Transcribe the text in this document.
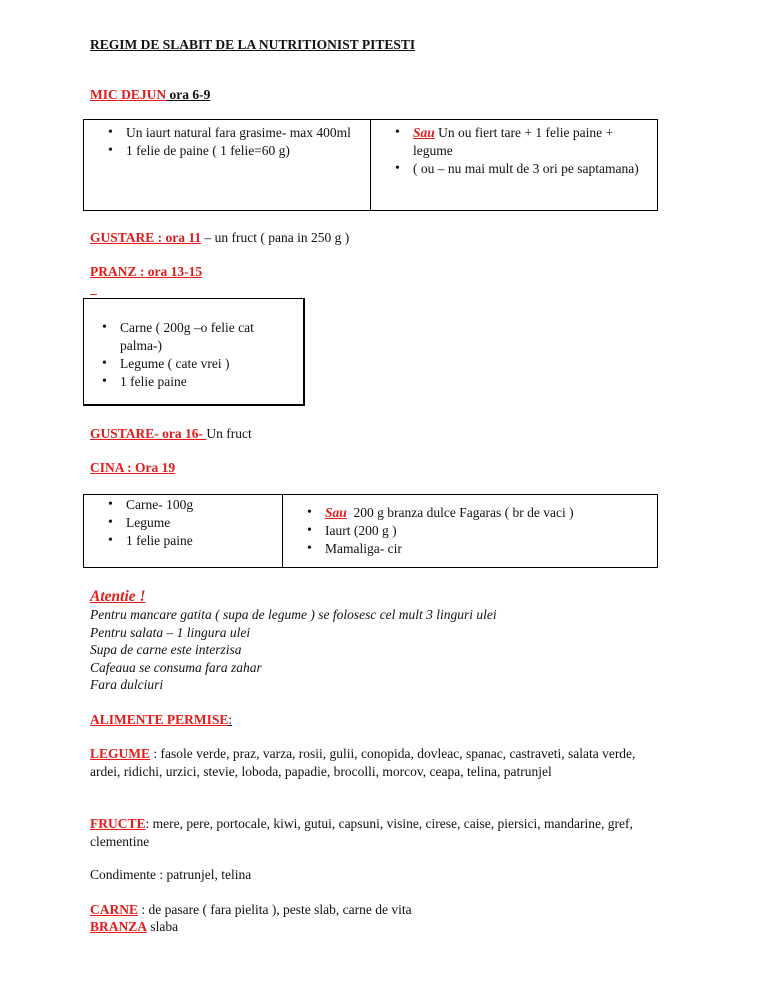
REGIM DE SLABIT DE LA NUTRITIONIST PITESTI
MIC DEJUN ora 6-9
• Un iaurt natural fara grasime- max 400ml
• 1 felie de paine ( 1 felie=60 g)

• Sau Un ou fiert tare + 1 felie paine + legume
• ( ou – nu mai mult de 3 ori pe saptamana)
GUSTARE : ora 11 – un fruct ( pana in 250 g )
PRANZ : ora 13-15
_
• Carne ( 200g –o felie cat palma-)
• Legume ( cate vrei )
• 1 felie paine
GUSTARE- ora 16- Un fruct
CINA : Ora 19
• Carne- 100g
• Legume
• 1 felie paine

• Sau 200 g branza dulce Fagaras ( br de vaci )
• Iaurt (200 g )
• Mamaliga- cir
Atentie !
Pentru mancare gatita ( supa de legume ) se folosesc cel mult 3 linguri ulei
Pentru salata – 1 lingura ulei
Supa de carne este interzisa
Cafeaua se consuma fara zahar
Fara dulciuri
ALIMENTE PERMISE:
LEGUME : fasole verde, praz, varza, rosii, gulii, conopida, dovleac, spanac, castraveti, salata verde, ardei, ridichi, urzici, stevie, loboda, papadie, brocolli, morcov, ceapa, telina, patrunjel
FRUCTE: mere, pere, portocale, kiwi, gutui, capsuni, visine, cirese, caise, piersici, mandarine, gref, clementine
Condimente : patrunjel, telina
CARNE : de pasare ( fara pielita ), peste slab, carne de vita
BRANZA slaba
